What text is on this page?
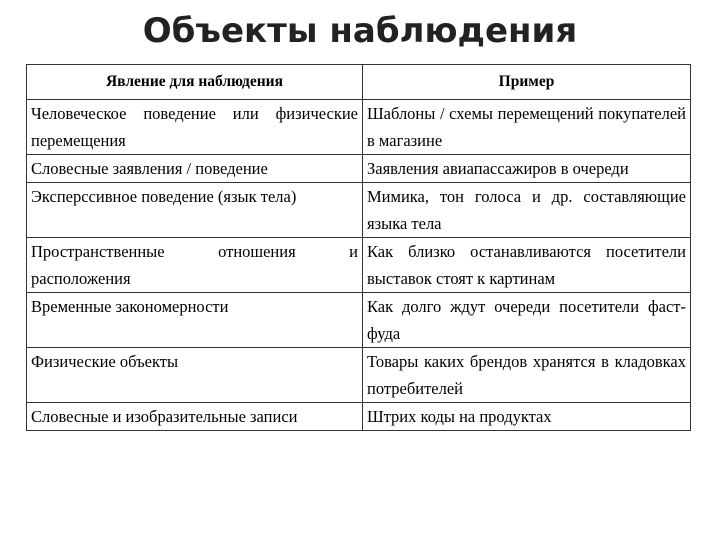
Объекты наблюдения
Явление для наблюдения	Пример
Человеческое поведение или физические перемещения	Шаблоны / схемы перемещений покупателей в магазине
Словесные заявления / поведение	Заявления авиапассажиров в очереди
Эксперссивное поведение (язык тела)	Мимика, тон голоса и др. составляющие языка тела
Пространственные отношения и расположения	Как близко останавливаются посетители выставок стоят к картинам
Временные закономерности	Как долго ждут очереди посетители фаст-фуда
Физические объекты	Товары каких брендов хранятся в кладовках потребителей
Словесные и изобразительные записи	Штрих коды на продуктах
